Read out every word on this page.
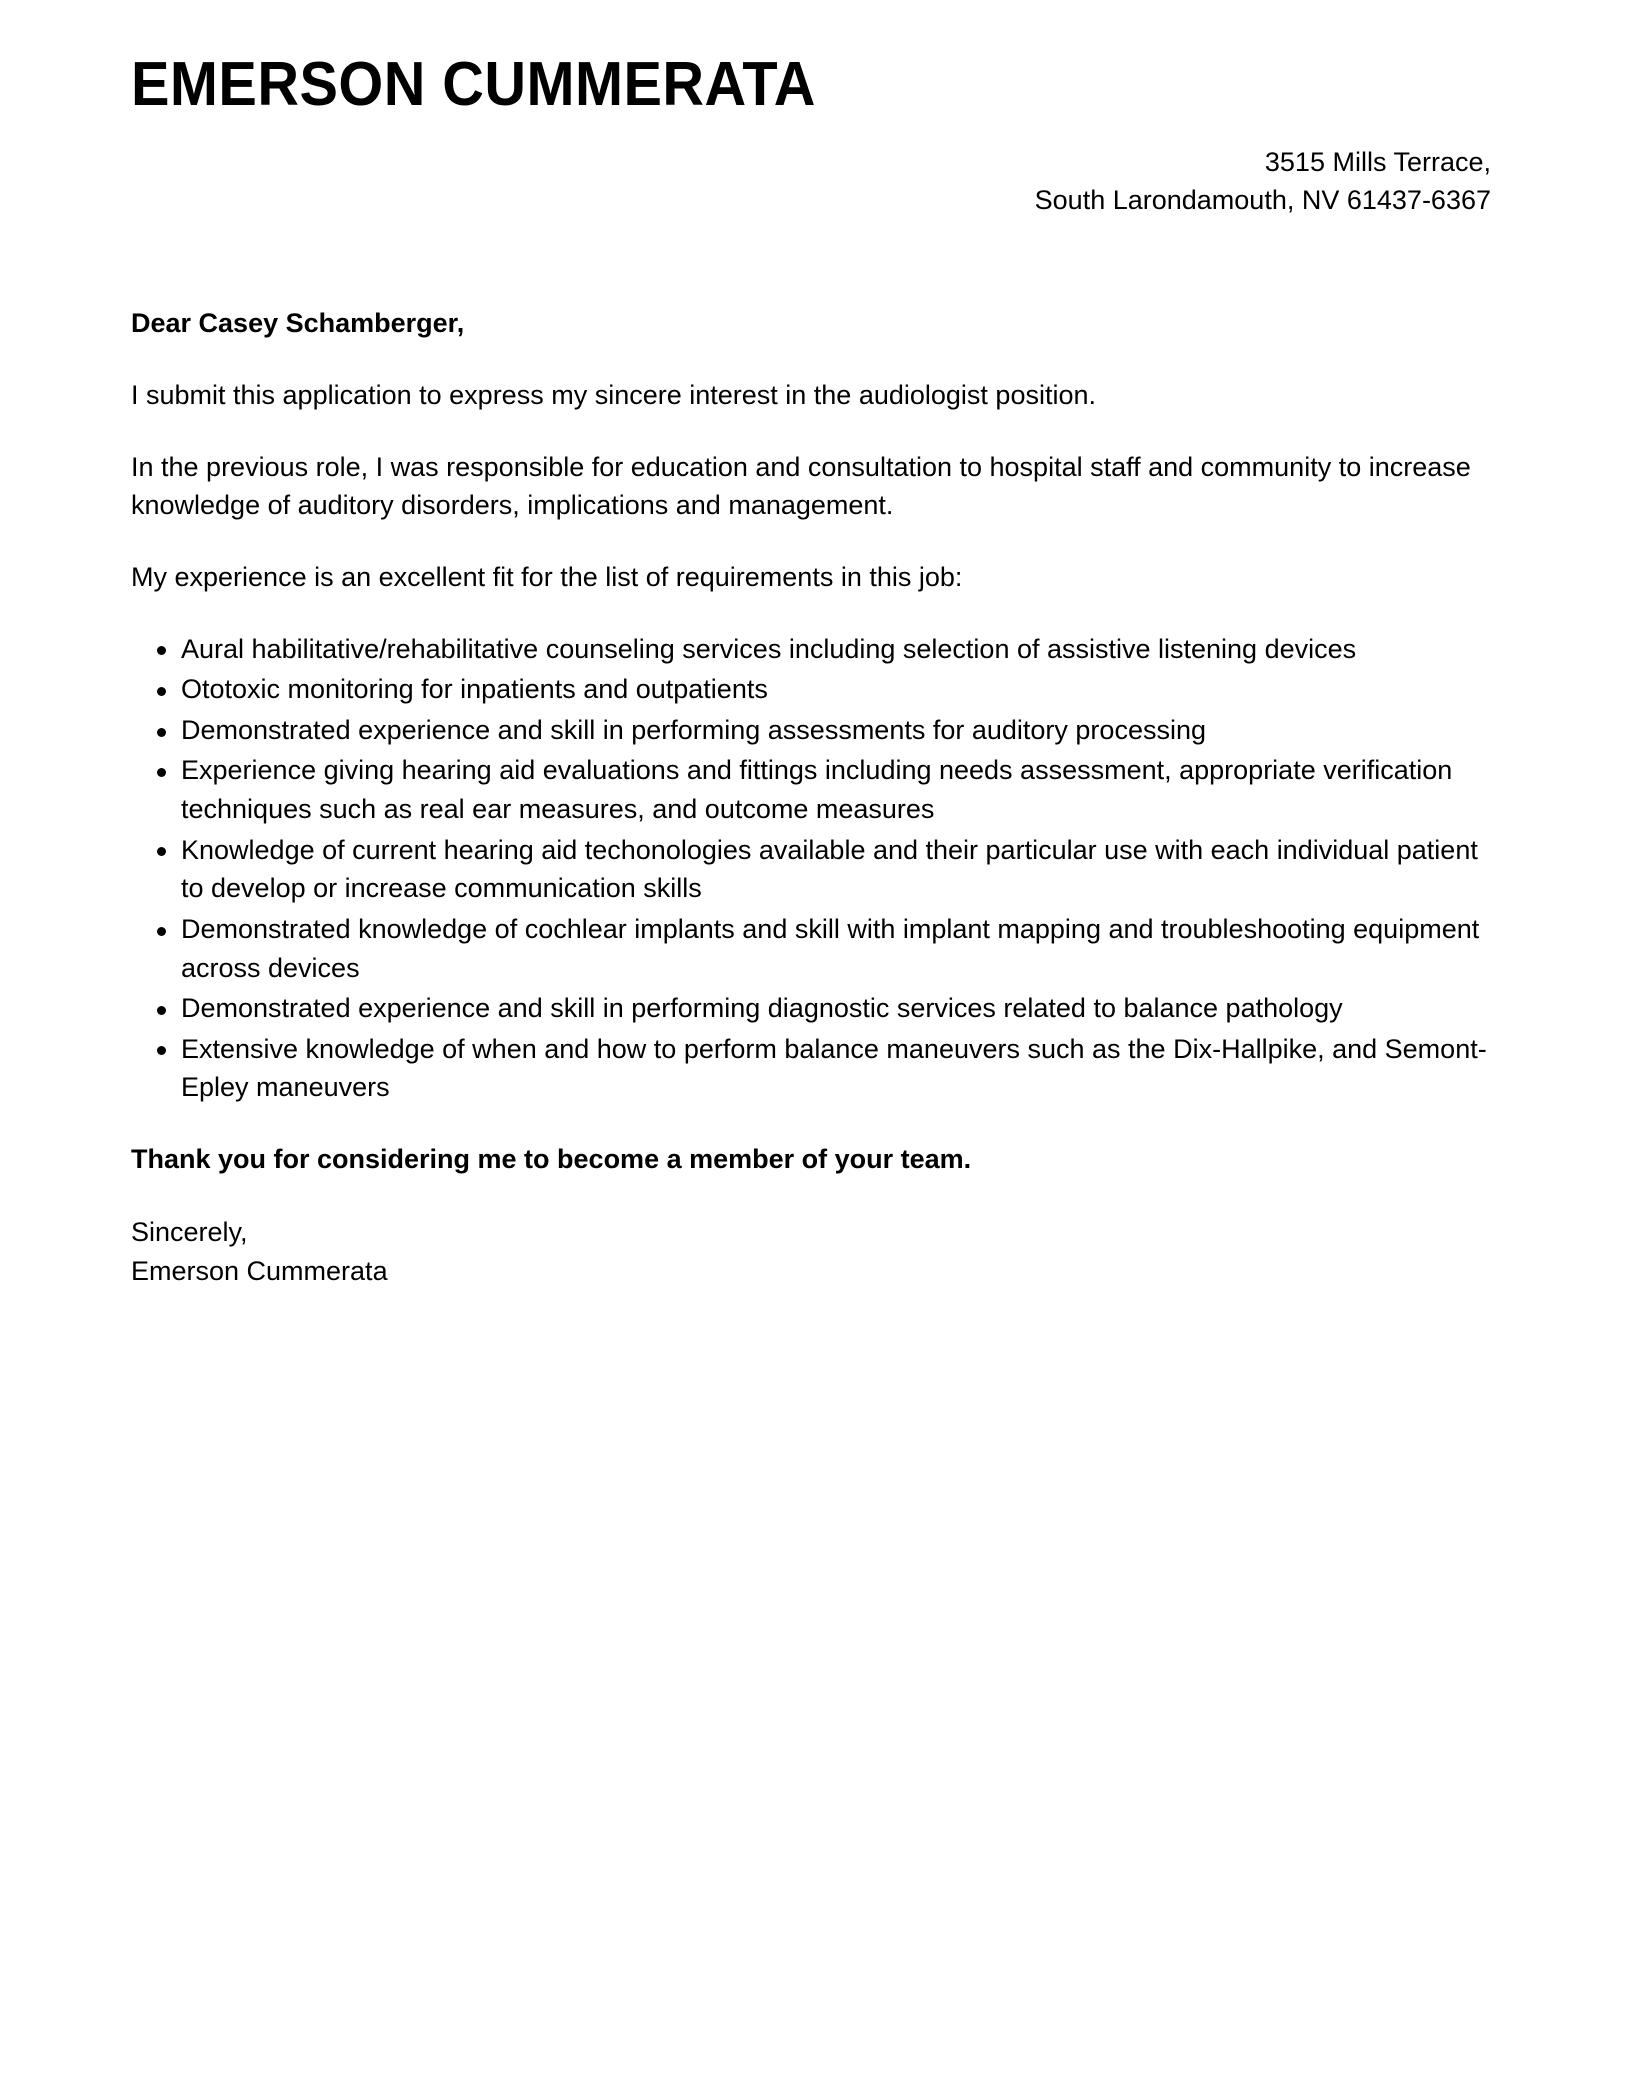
EMERSON CUMMERATA
3515 Mills Terrace,
South Larondamouth, NV 61437-6367

Dear Casey Schamberger,

I submit this application to express my sincere interest in the audiologist position.

In the previous role, I was responsible for education and consultation to hospital staff and community to increase knowledge of auditory disorders, implications and management.

My experience is an excellent fit for the list of requirements in this job:

Aural habilitative/rehabilitative counseling services including selection of assistive listening devices
Ototoxic monitoring for inpatients and outpatients
Demonstrated experience and skill in performing assessments for auditory processing
Experience giving hearing aid evaluations and fittings including needs assessment, appropriate verification techniques such as real ear measures, and outcome measures
Knowledge of current hearing aid techonologies available and their particular use with each individual patient to develop or increase communication skills
Demonstrated knowledge of cochlear implants and skill with implant mapping and troubleshooting equipment across devices
Demonstrated experience and skill in performing diagnostic services related to balance pathology
Extensive knowledge of when and how to perform balance maneuvers such as the Dix-Hallpike, and Semont-Epley maneuvers

Thank you for considering me to become a member of your team.

Sincerely,
Emerson Cummerata
